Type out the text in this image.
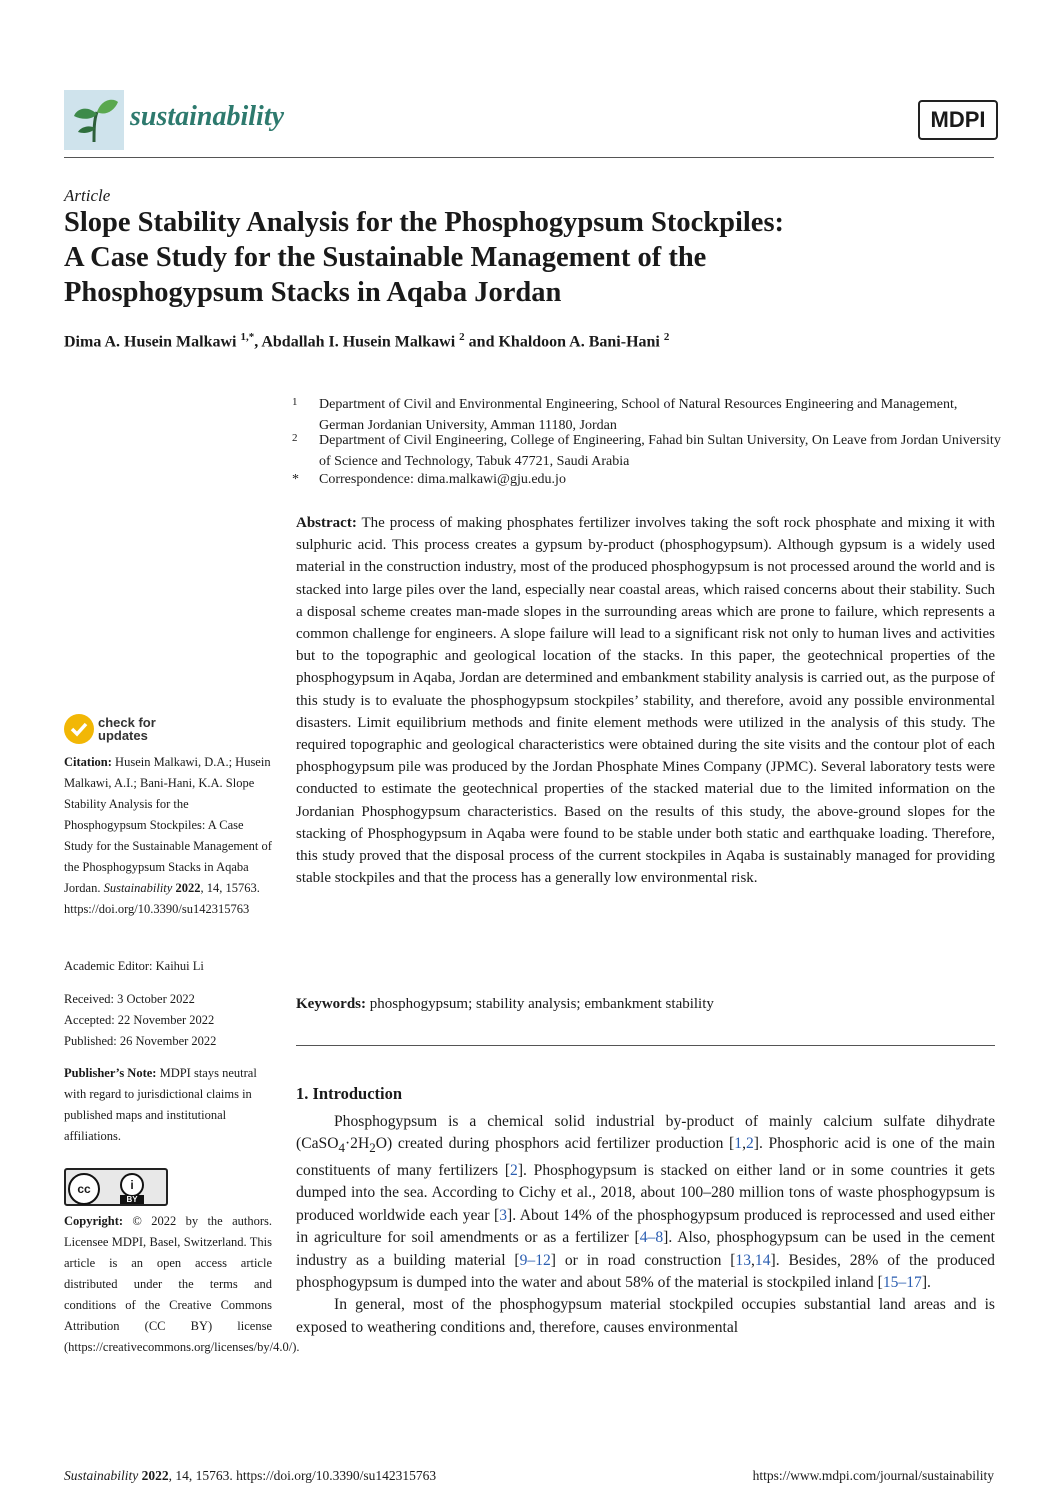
sustainability	MDPI
Article
Slope Stability Analysis for the Phosphogypsum Stockpiles:
A Case Study for the Sustainable Management of the
Phosphogypsum Stacks in Aqaba Jordan
Dima A. Husein Malkawi $^{1,*}$, Abdallah I. Husein Malkawi $^2$ and Khaldoon A. Bani-Hani $^2$
1 Department of Civil and Environmental Engineering, School of Natural Resources Engineering and Management, German Jordanian University, Amman 11180, Jordan
2 Department of Civil Engineering, College of Engineering, Fahad bin Sultan University, On Leave from Jordan University of Science and Technology, Tabuk 47721, Saudi Arabia
* Correspondence: dima.malkawi@gju.edu.jo
Abstract: The process of making phosphates fertilizer involves taking the soft rock phosphate and mixing it with sulphuric acid. This process creates a gypsum by-product (phosphogypsum). Although gypsum is a widely used material in the construction industry, most of the produced phosphogypsum is not processed around the world and is stacked into large piles over the land, especially near coastal areas, which raised concerns about their stability. Such a disposal scheme creates man-made slopes in the surrounding areas which are prone to failure, which represents a common challenge for engineers. A slope failure will lead to a significant risk not only to human lives and activities but to the topographic and geological location of the stacks. In this paper, the geotechnical properties of the phosphogypsum in Aqaba, Jordan are determined and embankment stability analysis is carried out, as the purpose of this study is to evaluate the phosphogypsum stockpiles’ stability, and therefore, avoid any possible environmental disasters. Limit equilibrium methods and finite element methods were utilized in the analysis of this study. The required topographic and geological characteristics were obtained during the site visits and the contour plot of each phosphogypsum pile was produced by the Jordan Phosphate Mines Company (JPMC). Several laboratory tests were conducted to estimate the geotechnical properties of the stacked material due to the limited information on the Jordanian Phosphogypsum characteristics. Based on the results of this study, the above-ground slopes for the stacking of Phosphogypsum in Aqaba were found to be stable under both static and earthquake loading. Therefore, this study proved that the disposal process of the current stockpiles in Aqaba is sustainably managed for providing stable stockpiles and that the process has a generally low environmental risk.
Keywords: phosphogypsum; stability analysis; embankment stability
1. Introduction

Phosphogypsum is a chemical solid industrial by-product of mainly calcium sulfate dihydrate $(CaSO_4\cdot 2H_2O)$ created during phosphors acid fertilizer production [1,2]. Phosphoric acid is one of the main constituents of many fertilizers [2]. Phosphogypsum is stacked on either land or in some countries it gets dumped into the sea. According to Cichy et al., 2018, about 100–280 million tons of waste phosphogypsum is produced worldwide each year [3]. About 14% of the phosphogypsum produced is reprocessed and used either in agriculture for soil amendments or as a fertilizer [4–8]. Also, phosphogypsum can be used in the cement industry as a building material [9–12] or in road construction [13,14]. Besides, 28% of the produced phosphogypsum is dumped into the water and about 58% of the material is stockpiled inland [15–17].

In general, most of the phosphogypsum material stockpiled occupies substantial land areas and is exposed to weathering conditions and, therefore, causes environmental

check for updates
Citation: Husein Malkawi, D.A.; Husein Malkawi, A.I.; Bani-Hani, K.A. Slope Stability Analysis for the Phosphogypsum Stockpiles: A Case Study for the Sustainable Management of the Phosphogypsum Stacks in Aqaba Jordan. Sustainability 2022, 14, 15763. https://doi.org/10.3390/su142315763
Academic Editor: Kaihui Li
Received: 3 October 2022
Accepted: 22 November 2022
Published: 26 November 2022
Publisher’s Note: MDPI stays neutral with regard to jurisdictional claims in published maps and institutional affiliations.
cc	i
BY
Copyright: © 2022 by the authors. Licensee MDPI, Basel, Switzerland. This article is an open access article distributed under the terms and conditions of the Creative Commons Attribution (CC BY) license (https://creativecommons.org/licenses/by/4.0/).
Sustainability 2022, 14, 15763. https://doi.org/10.3390/su142315763	https://www.mdpi.com/journal/sustainability
